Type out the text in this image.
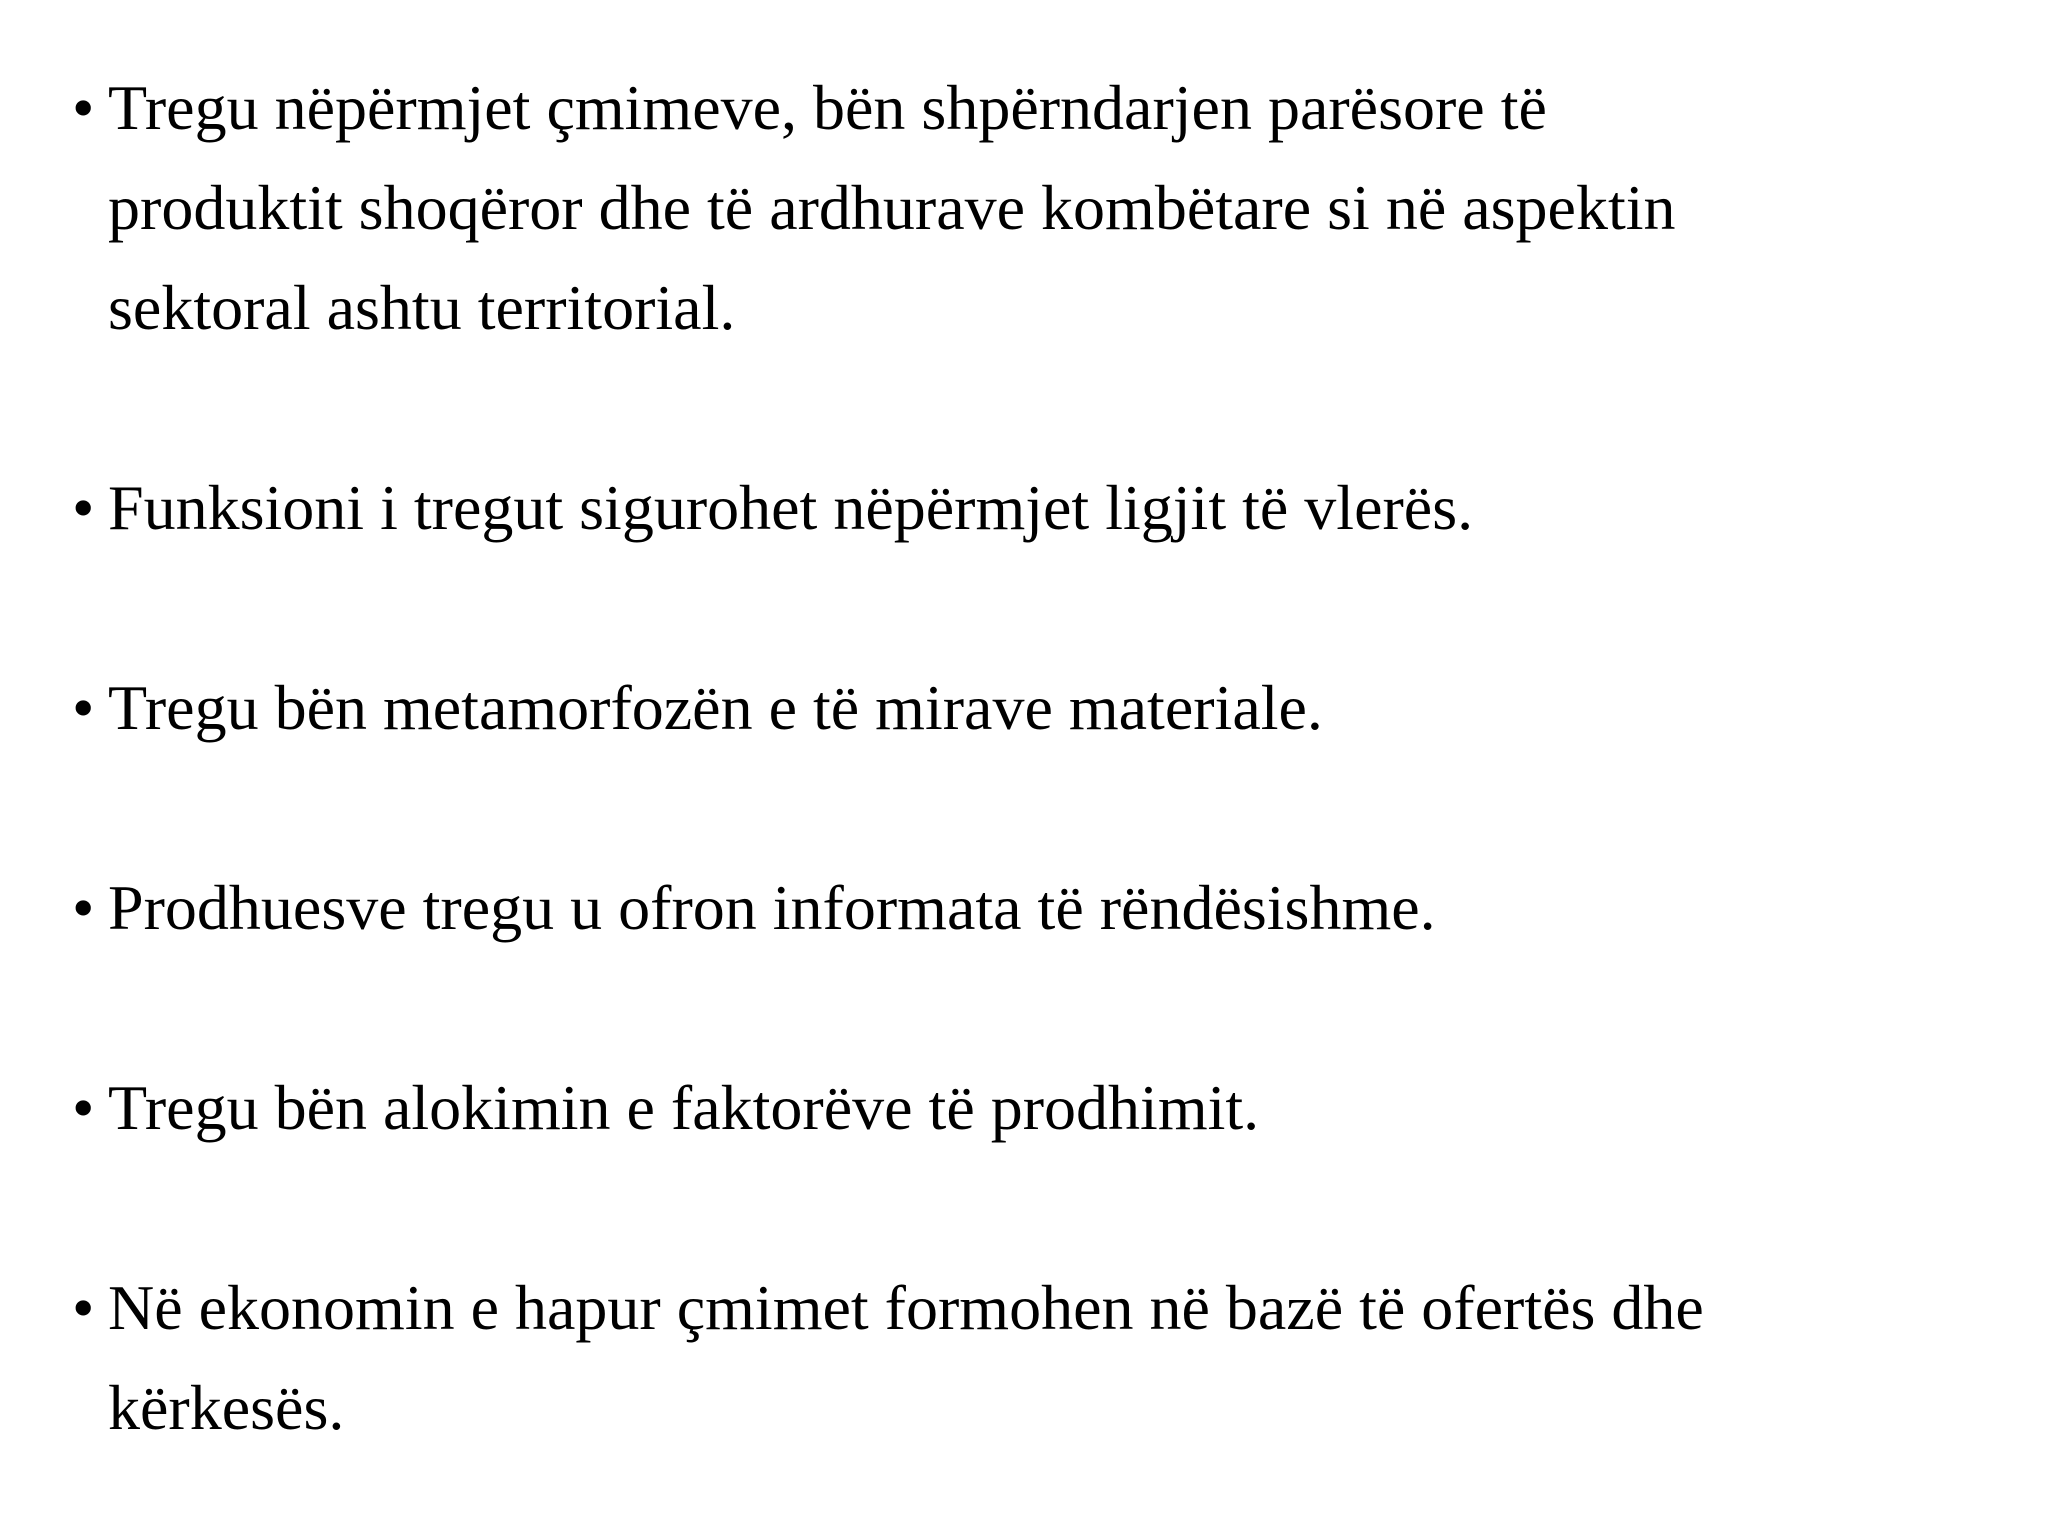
• Tregu nëpërmjet çmimeve, bën shpërndarjen parësore të
produktit shoqëror dhe të ardhurave kombëtare si në aspektin
sektoral ashtu territorial.
• Funksioni i tregut sigurohet nëpërmjet ligjit të vlerës.
• Tregu bën metamorfozën e të mirave materiale.
• Prodhuesve tregu u ofron informata të rëndësishme.
• Tregu bën alokimin e faktorëve të prodhimit.
• Në ekonomin e hapur çmimet formohen në bazë të ofertës dhe
kërkesës.
